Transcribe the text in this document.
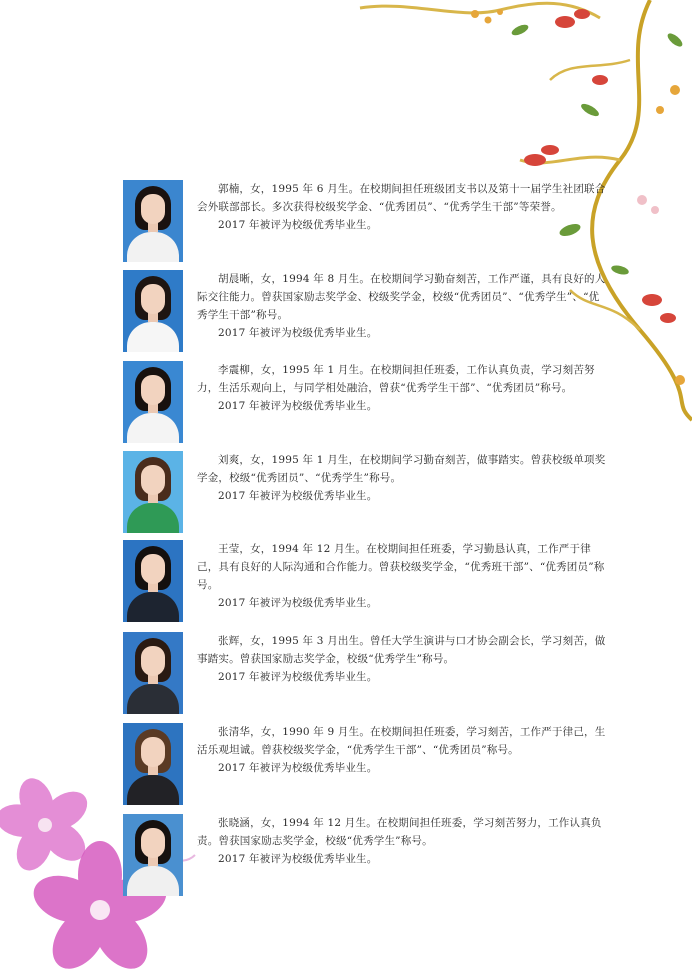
郭楠，女，1995 年 6 月生。在校期间担任班级团支书以及第十一届学生社团联合会外联部部长。多次获得校级奖学金、“优秀团员”、“优秀学生干部”等荣誉。

2017 年被评为校级优秀毕业生。

胡晨晰，女，1994 年 8 月生。在校期间学习勤奋刻苦，工作严谨，具有良好的人际交往能力。曾获国家励志奖学金、校级奖学金，校级“优秀团员”、“优秀学生”、“优秀学生干部”称号。

2017 年被评为校级优秀毕业生。

李震柳，女，1995 年 1 月生。在校期间担任班委，工作认真负责，学习刻苦努力，生活乐观向上，与同学相处融洽，曾获“优秀学生干部”、“优秀团员”称号。

2017 年被评为校级优秀毕业生。

刘爽，女，1995 年 1 月生，在校期间学习勤奋刻苦，做事踏实。曾获校级单项奖学金，校级“优秀团员”、“优秀学生”称号。

2017 年被评为校级优秀毕业生。

王莹，女，1994 年 12 月生。在校期间担任班委，学习勤恳认真，工作严于律己，具有良好的人际沟通和合作能力。曾获校级奖学金，“优秀班干部”、“优秀团员”称号。

2017 年被评为校级优秀毕业生。

张辉，女，1995 年 3 月出生。曾任大学生演讲与口才协会副会长，学习刻苦，做事踏实。曾获国家励志奖学金，校级“优秀学生”称号。

2017 年被评为校级优秀毕业生。

张清华，女，1990 年 9 月生。在校期间担任班委，学习刻苦，工作严于律己，生活乐观坦诚。曾获校级奖学金，“优秀学生干部”、“优秀团员”称号。

2017 年被评为校级优秀毕业生。

张晓涵，女，1994 年 12 月生。在校期间担任班委，学习刻苦努力，工作认真负责。曾获国家励志奖学金，校级“优秀学生”称号。

2017 年被评为校级优秀毕业生。
